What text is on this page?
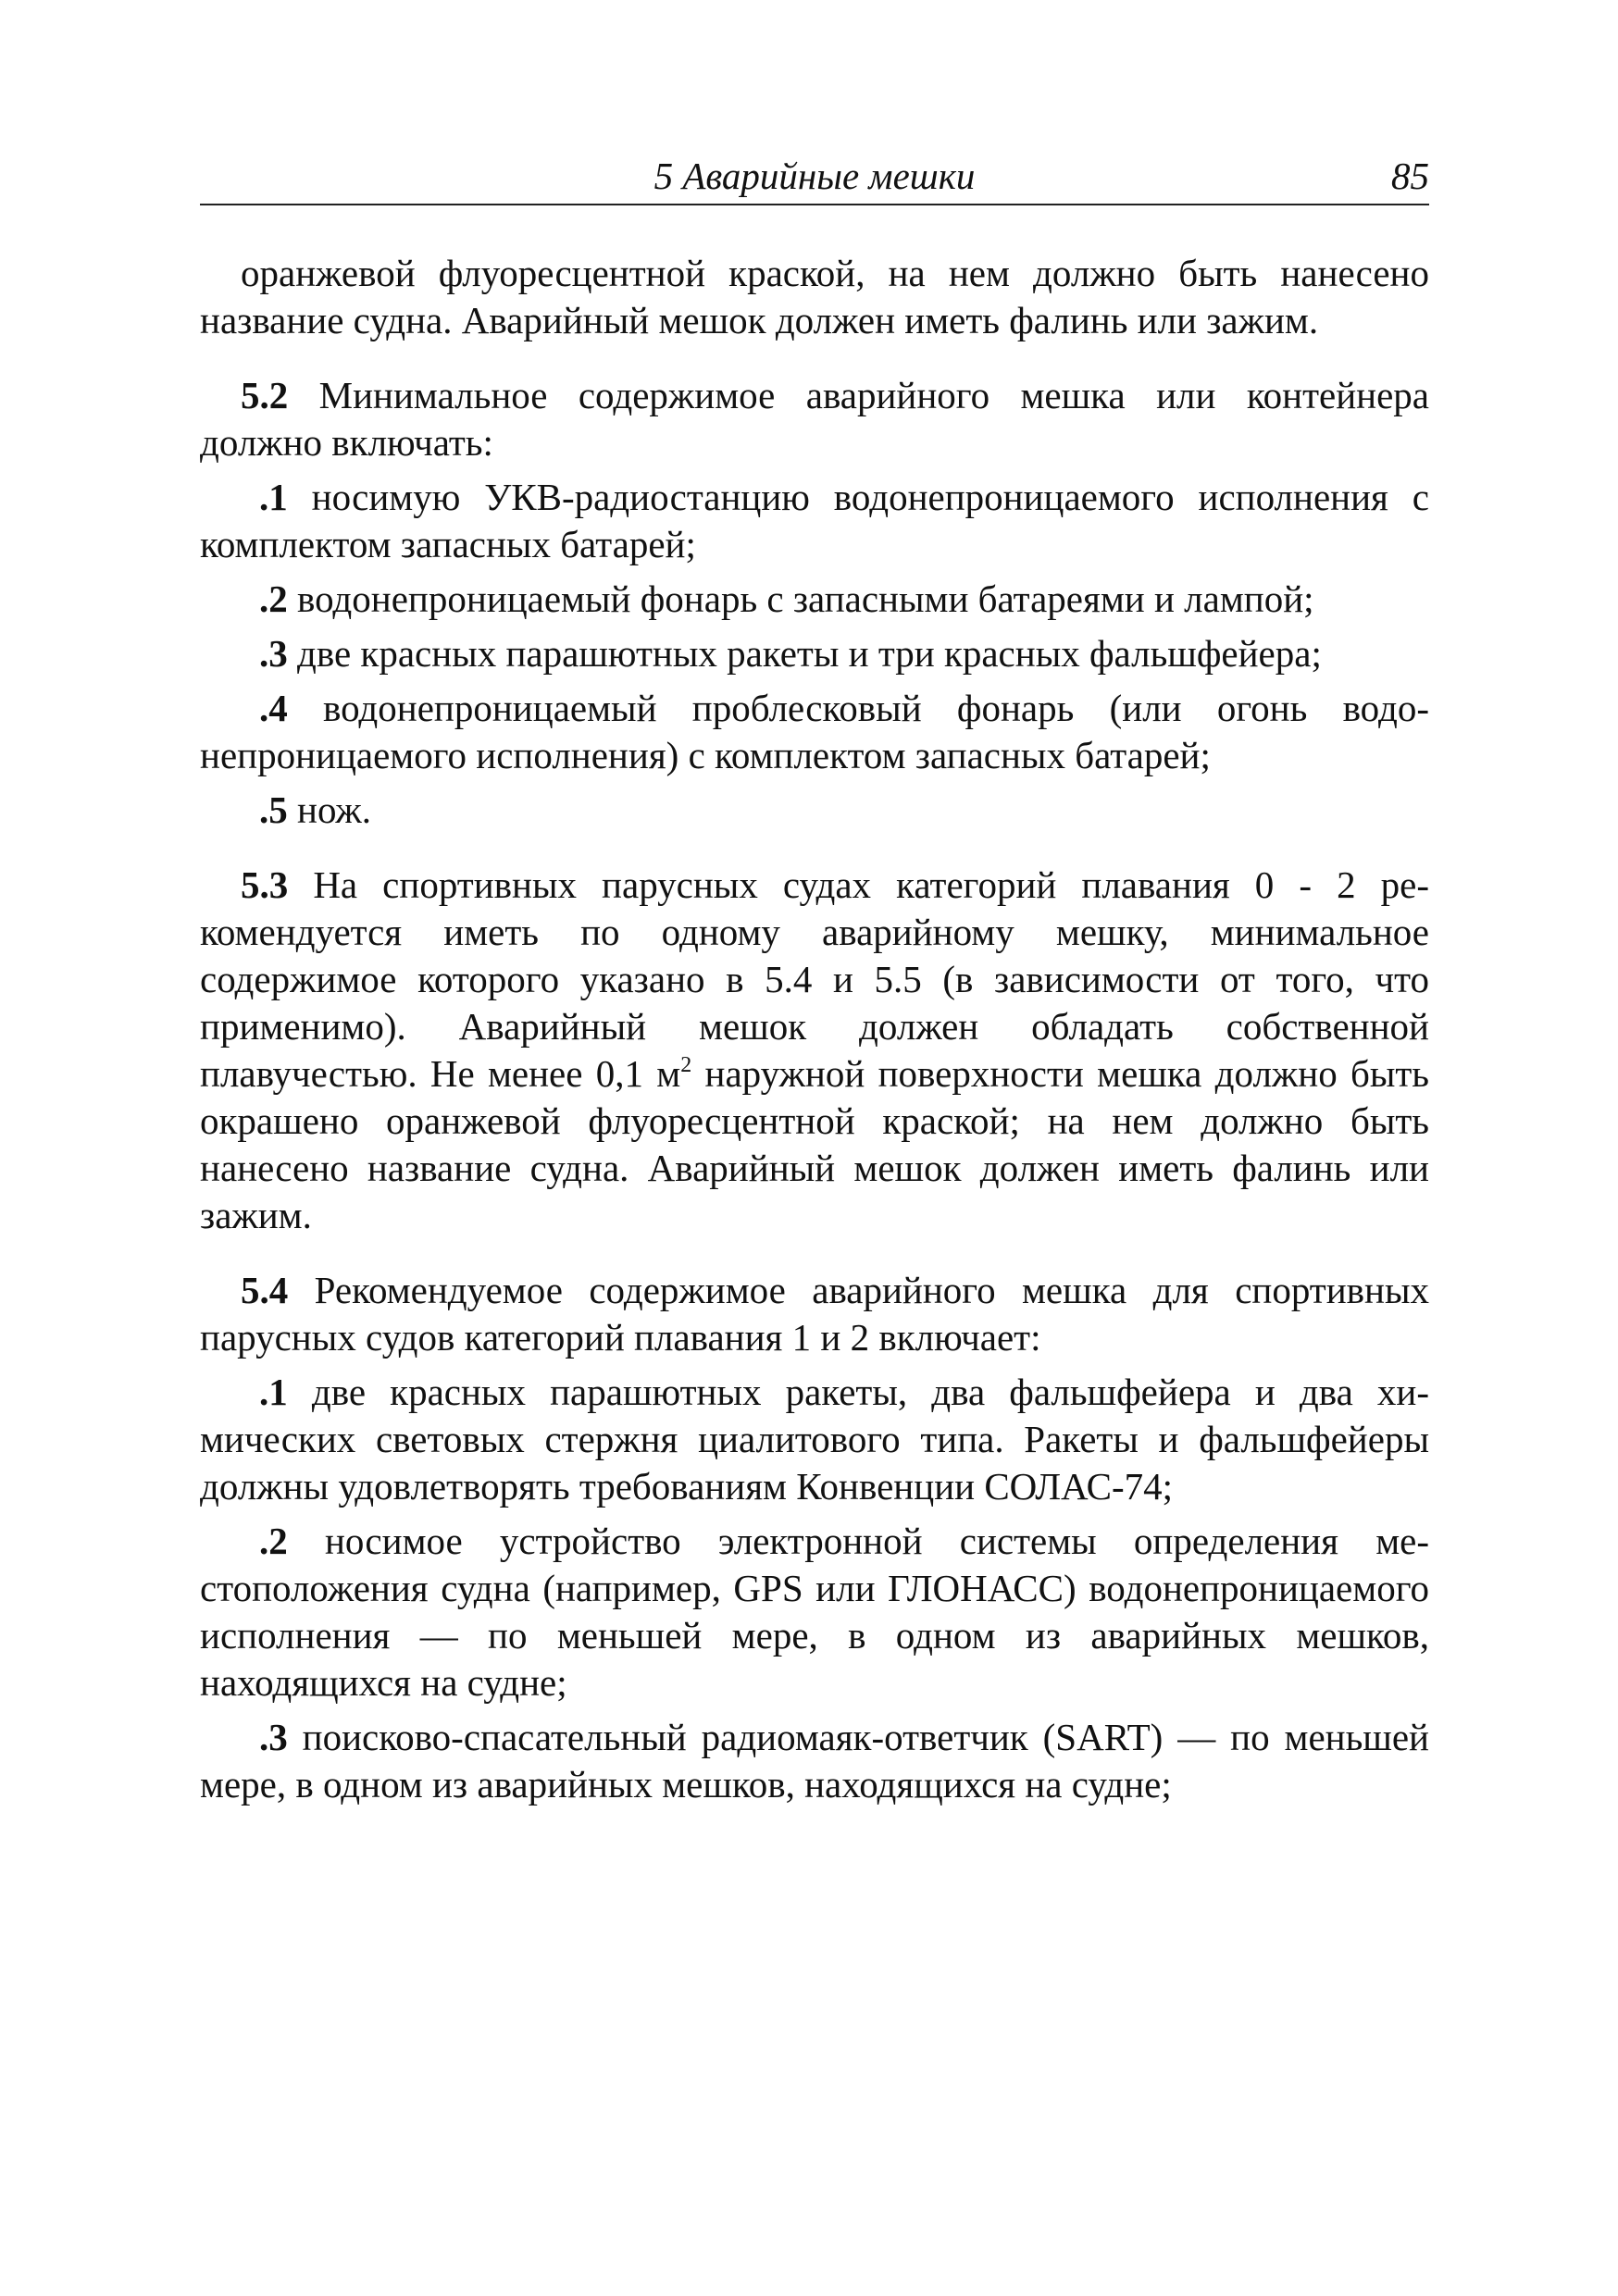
5 Аварийные мешки	85

оранжевой флуоресцентной краской, на нем должно быть нанесено название судна. Аварийный мешок должен иметь фалинь или зажим.

5.2 Минимальное содержимое аварийного мешка или контейнера должно включать:

.1 носимую УКВ-радиостанцию водонепроницаемого исполнения с комплектом запасных батарей;

.2 водонепроницаемый фонарь с запасными батареями и лампой;

.3 две красных парашютных ракеты и три красных фальшфейера;

.4 водонепроницаемый проблесковый фонарь (или огонь водонепроницаемого исполнения) с комплектом запасных батарей;

.5 нож.

5.3 На спортивных парусных судах категорий плавания 0 - 2 рекомендуется иметь по одному аварийному мешку, минимальное содержимое которого указано в 5.4 и 5.5 (в зависимости от того, что применимо). Аварийный мешок должен обладать собственной плавучестью. Не менее 0,1 $м^2$ наружной поверхности мешка должно быть окрашено оранжевой флуоресцентной краской; на нем должно быть нанесено название судна. Аварийный мешок должен иметь фалинь или зажим.

5.4 Рекомендуемое содержимое аварийного мешка для спортивных парусных судов категорий плавания 1 и 2 включает:

.1 две красных парашютных ракеты, два фальшфейера и два химических световых стержня циалитового типа. Ракеты и фальшфейеры должны удовлетворять требованиям Конвенции СОЛАС-74;

.2 носимое устройство электронной системы определения местоположения судна (например, GPS или ГЛОНАСС) водонепроницаемого исполнения — по меньшей мере, в одном из аварийных мешков, находящихся на судне;

.3 поисково-спасательный радиомаяк-ответчик (SART) — по меньшей мере, в одном из аварийных мешков, находящихся на судне;
